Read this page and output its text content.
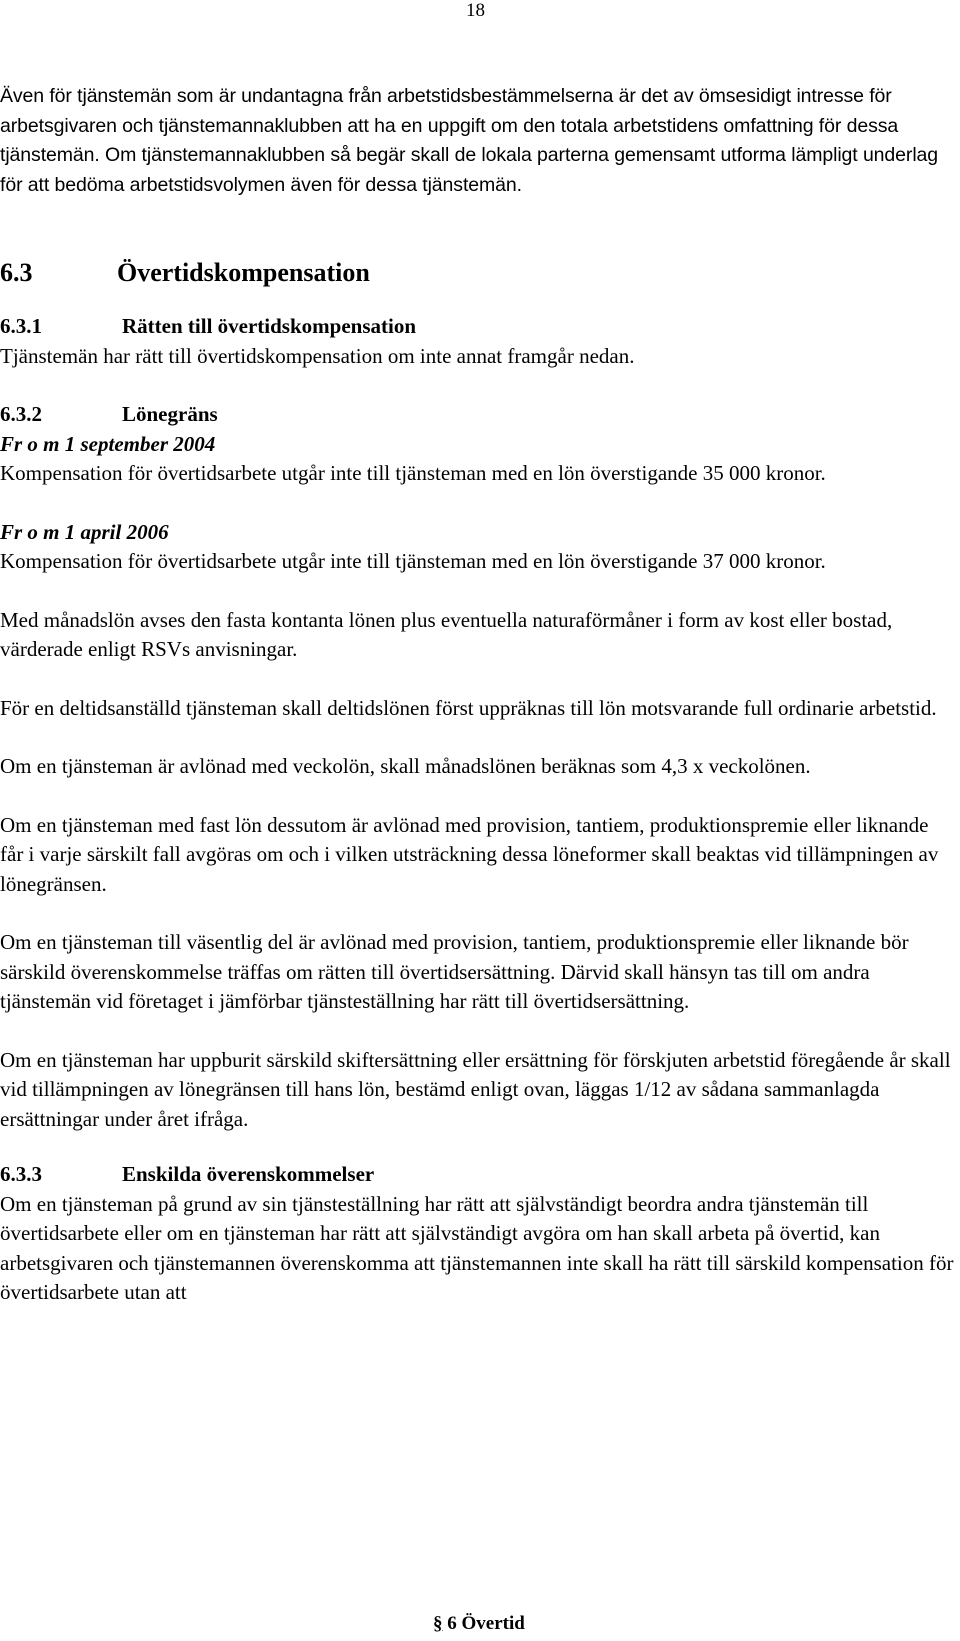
18

Även för tjänstemän som är undantagna från arbetstidsbestämmelserna är det av ömsesidigt intresse för arbetsgivaren och tjänstemannaklubben att ha en uppgift om den totala arbetstidens omfattning för dessa tjänstemän. Om tjänstemannaklubben så begär skall de lokala parterna gemensamt utforma lämpligt underlag för att bedöma arbetstidsvolymen även för dessa tjänstemän.

6.3	Övertidskompensation
6.3.1	Rätten till övertidskompensation

Tjänstemän har rätt till övertidskompensation om inte annat framgår nedan.

6.3.2	Lönegräns

Fr o m 1 september 2004

Kompensation för övertidsarbete utgår inte till tjänsteman med en lön överstigande 35 000 kronor.

Fr o m 1 april 2006

Kompensation för övertidsarbete utgår inte till tjänsteman med en lön överstigande 37 000 kronor.

Med månadslön avses den fasta kontanta lönen plus eventuella naturaförmåner i form av kost eller bostad, värderade enligt RSVs anvisningar.

För en deltidsanställd tjänsteman skall deltidslönen först uppräknas till lön motsvarande full ordinarie arbetstid.

Om en tjänsteman är avlönad med veckolön, skall månadslönen beräknas som 4,3 x veckolönen.

Om en tjänsteman med fast lön dessutom är avlönad med provision, tantiem, produktionspremie eller liknande får i varje särskilt fall avgöras om och i vilken utsträckning dessa löneformer skall beaktas vid tillämpningen av lönegränsen.

Om en tjänsteman till väsentlig del är avlönad med provision, tantiem, produktionspremie eller liknande bör särskild överenskommelse träffas om rätten till övertidsersättning. Därvid skall hänsyn tas till om andra tjänstemän vid företaget i jämförbar tjänsteställning har rätt till övertidsersättning.

Om en tjänsteman har uppburit särskild skiftersättning eller ersättning för förskjuten arbetstid föregående år skall vid tillämpningen av lönegränsen till hans lön, bestämd enligt ovan, läggas 1/12 av sådana sammanlagda ersättningar under året ifråga.

6.3.3	Enskilda överenskommelser

Om en tjänsteman på grund av sin tjänsteställning har rätt att självständigt beordra andra tjänstemän till övertidsarbete eller om en tjänsteman har rätt att självständigt avgöra om han skall arbeta på övertid, kan arbetsgivaren och tjänstemannen överenskomma att tjänstemannen inte skall ha rätt till särskild kompensation för övertidsarbete utan att

§ 6 Övertid
